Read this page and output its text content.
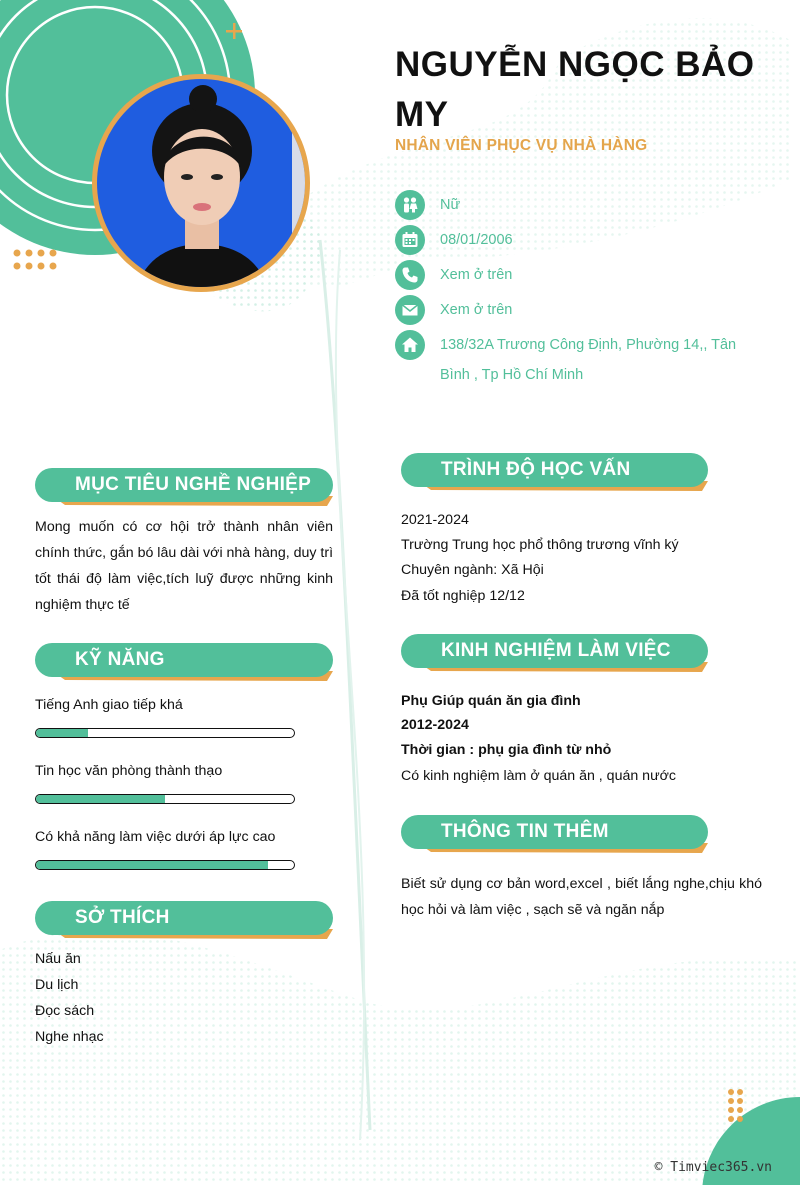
NGUYỄN NGỌC BẢO MY
NHÂN VIÊN PHỤC VỤ NHÀ HÀNG
Nữ
08/01/2006
Xem ở trên
Xem ở trên
138/32A Trương Công Định, Phường 14,, Tân Bình , Tp Hồ Chí Minh
MỤC TIÊU NGHỀ NGHIỆP
Mong muốn có cơ hội trở thành nhân viên chính thức, gắn bó lâu dài với nhà hàng, duy trì tốt thái độ làm việc,tích luỹ được những kinh nghiệm thực tế
KỸ NĂNG
Tiếng Anh giao tiếp khá
Tin học văn phòng thành thạo
Có khả năng làm việc dưới áp lực cao
SỞ THÍCH
Nấu ăn
Du lịch
Đọc sách
Nghe nhạc
TRÌNH ĐỘ HỌC VẤN
2021-2024
Trường Trung học phổ thông trương vĩnh ký
Chuyên ngành: Xã Hội
Đã tốt nghiệp 12/12
KINH NGHIỆM LÀM VIỆC
Phụ Giúp quán ăn gia đình
2012-2024
Thời gian : phụ gia đình từ nhỏ
Có kinh nghiệm làm ở quán ăn , quán nước
THÔNG TIN THÊM
Biết sử dụng cơ bản word,excel , biết lắng nghe,chịu khó học hỏi và làm việc , sạch sẽ và ngăn nắp
© Timviec365.vn
